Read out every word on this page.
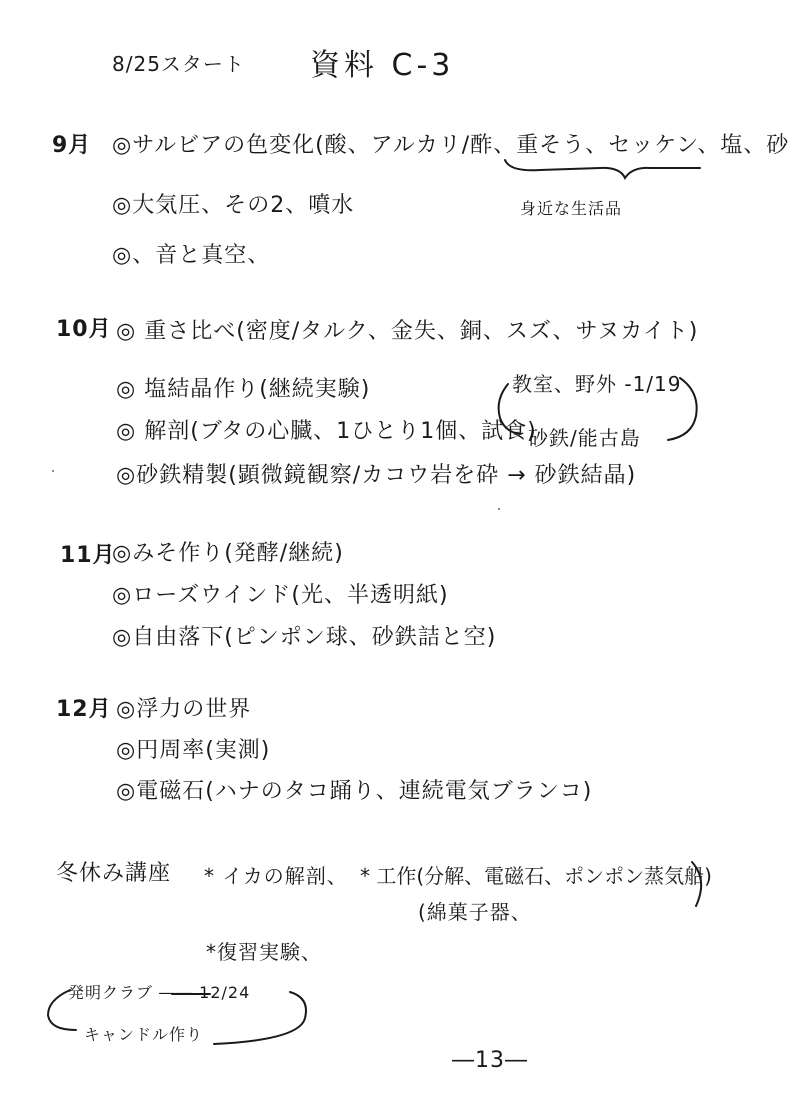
8/25スタート 資料 C-3
9月 ◎サルビアの色変化(酸、アルカリ/酢、重そう、セッケン、塩、砂
身近な生活品
◎大気圧、その2、噴水
◎、音と真空、
10月 ◎ 重さ比べ(密度/タルク、金失、銅、スズ、サヌカイト)
◎ 塩結晶作り(継続実験)
◎ 解剖(ブタの心臓、1ひとり1個、試食)
◎砂鉄精製(顕微鏡観察/カコウ岩を砕 → 砂鉄結晶)
教室、野外 -1/19
砂鉄/能古島
11月
◎みそ作り(発酵/継続)
◎ローズウインド(光、半透明紙)
◎自由落下(ピンポン球、砂鉄詰と空)
12月 ◎浮力の世界
◎円周率(実測)
◎電磁石(ハナのタコ踊り、連続電気ブランコ)
冬休み講座 * イカの解剖、 * 工作(分解、電磁石、ポンポン蒸気船)
(綿菓子器、
*復習実験、
発明クラブ ―― 12/24
キャンドル作り
―13―
